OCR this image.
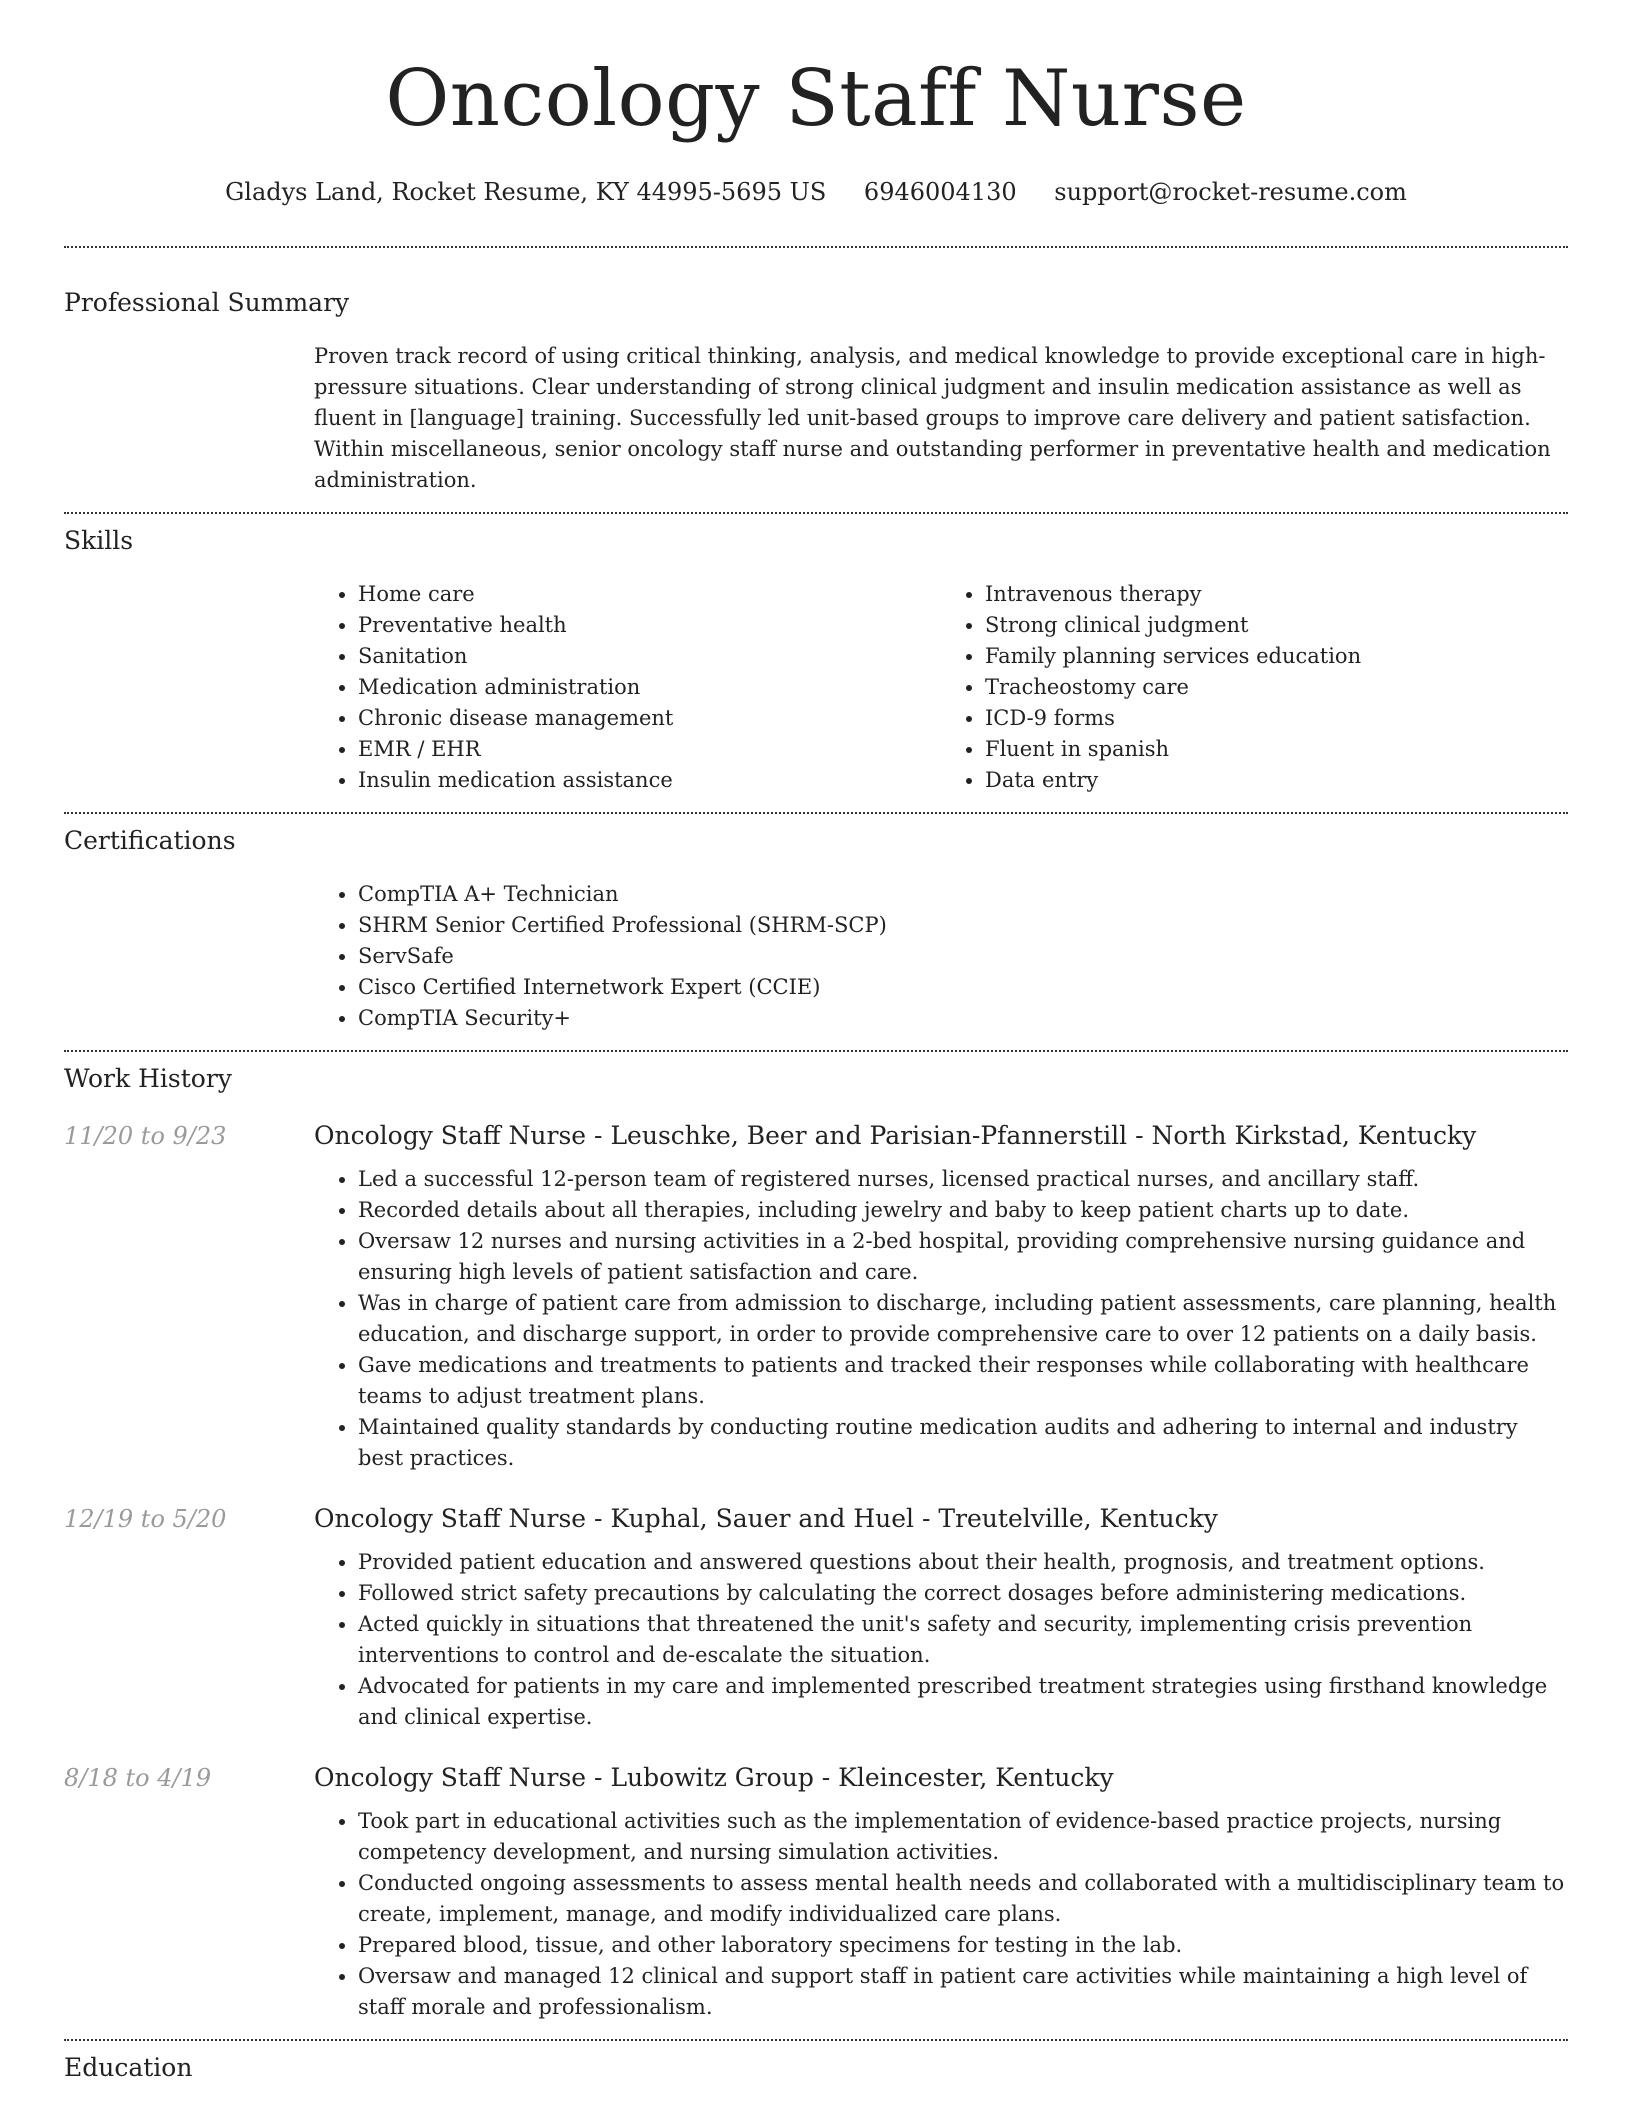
Oncology Staff Nurse
Gladys Land, Rocket Resume, KY 44995-5695 US 6946004130 support@rocket-resume.com
Professional Summary

Proven track record of using critical thinking, analysis, and medical knowledge to provide exceptional care in high-pressure situations. Clear understanding of strong clinical judgment and insulin medication assistance as well as fluent in [language] training. Successfully led unit-based groups to improve care delivery and patient satisfaction. Within miscellaneous, senior oncology staff nurse and outstanding performer in preventative health and medication administration.

Skills
• Home care
• Preventative health
• Sanitation
• Medication administration
• Chronic disease management
• EMR / EHR
• Insulin medication assistance
• Intravenous therapy
• Strong clinical judgment
• Family planning services education
• Tracheostomy care
• ICD-9 forms
• Fluent in spanish
• Data entry
Certifications
• CompTIA A+ Technician
• SHRM Senior Certified Professional (SHRM-SCP)
• ServSafe
• Cisco Certified Internetwork Expert (CCIE)
• CompTIA Security+
Work History
11/20 to 9/23	Oncology Staff Nurse - Leuschke, Beer and Parisian-Pfannerstill - North Kirkstad, Kentucky
• Led a successful 12-person team of registered nurses, licensed practical nurses, and ancillary staff.
• Recorded details about all therapies, including jewelry and baby to keep patient charts up to date.
• Oversaw 12 nurses and nursing activities in a 2-bed hospital, providing comprehensive nursing guidance and ensuring high levels of patient satisfaction and care.
• Was in charge of patient care from admission to discharge, including patient assessments, care planning, health education, and discharge support, in order to provide comprehensive care to over 12 patients on a daily basis.
• Gave medications and treatments to patients and tracked their responses while collaborating with healthcare teams to adjust treatment plans.
• Maintained quality standards by conducting routine medication audits and adhering to internal and industry best practices.
12/19 to 5/20	Oncology Staff Nurse - Kuphal, Sauer and Huel - Treutelville, Kentucky
• Provided patient education and answered questions about their health, prognosis, and treatment options.
• Followed strict safety precautions by calculating the correct dosages before administering medications.
• Acted quickly in situations that threatened the unit's safety and security, implementing crisis prevention interventions to control and de-escalate the situation.
• Advocated for patients in my care and implemented prescribed treatment strategies using firsthand knowledge and clinical expertise.
8/18 to 4/19	Oncology Staff Nurse - Lubowitz Group - Kleincester, Kentucky
• Took part in educational activities such as the implementation of evidence-based practice projects, nursing competency development, and nursing simulation activities.
• Conducted ongoing assessments to assess mental health needs and collaborated with a multidisciplinary team to create, implement, manage, and modify individualized care plans.
• Prepared blood, tissue, and other laboratory specimens for testing in the lab.
• Oversaw and managed 12 clinical and support staff in patient care activities while maintaining a high level of staff morale and professionalism.
Education
